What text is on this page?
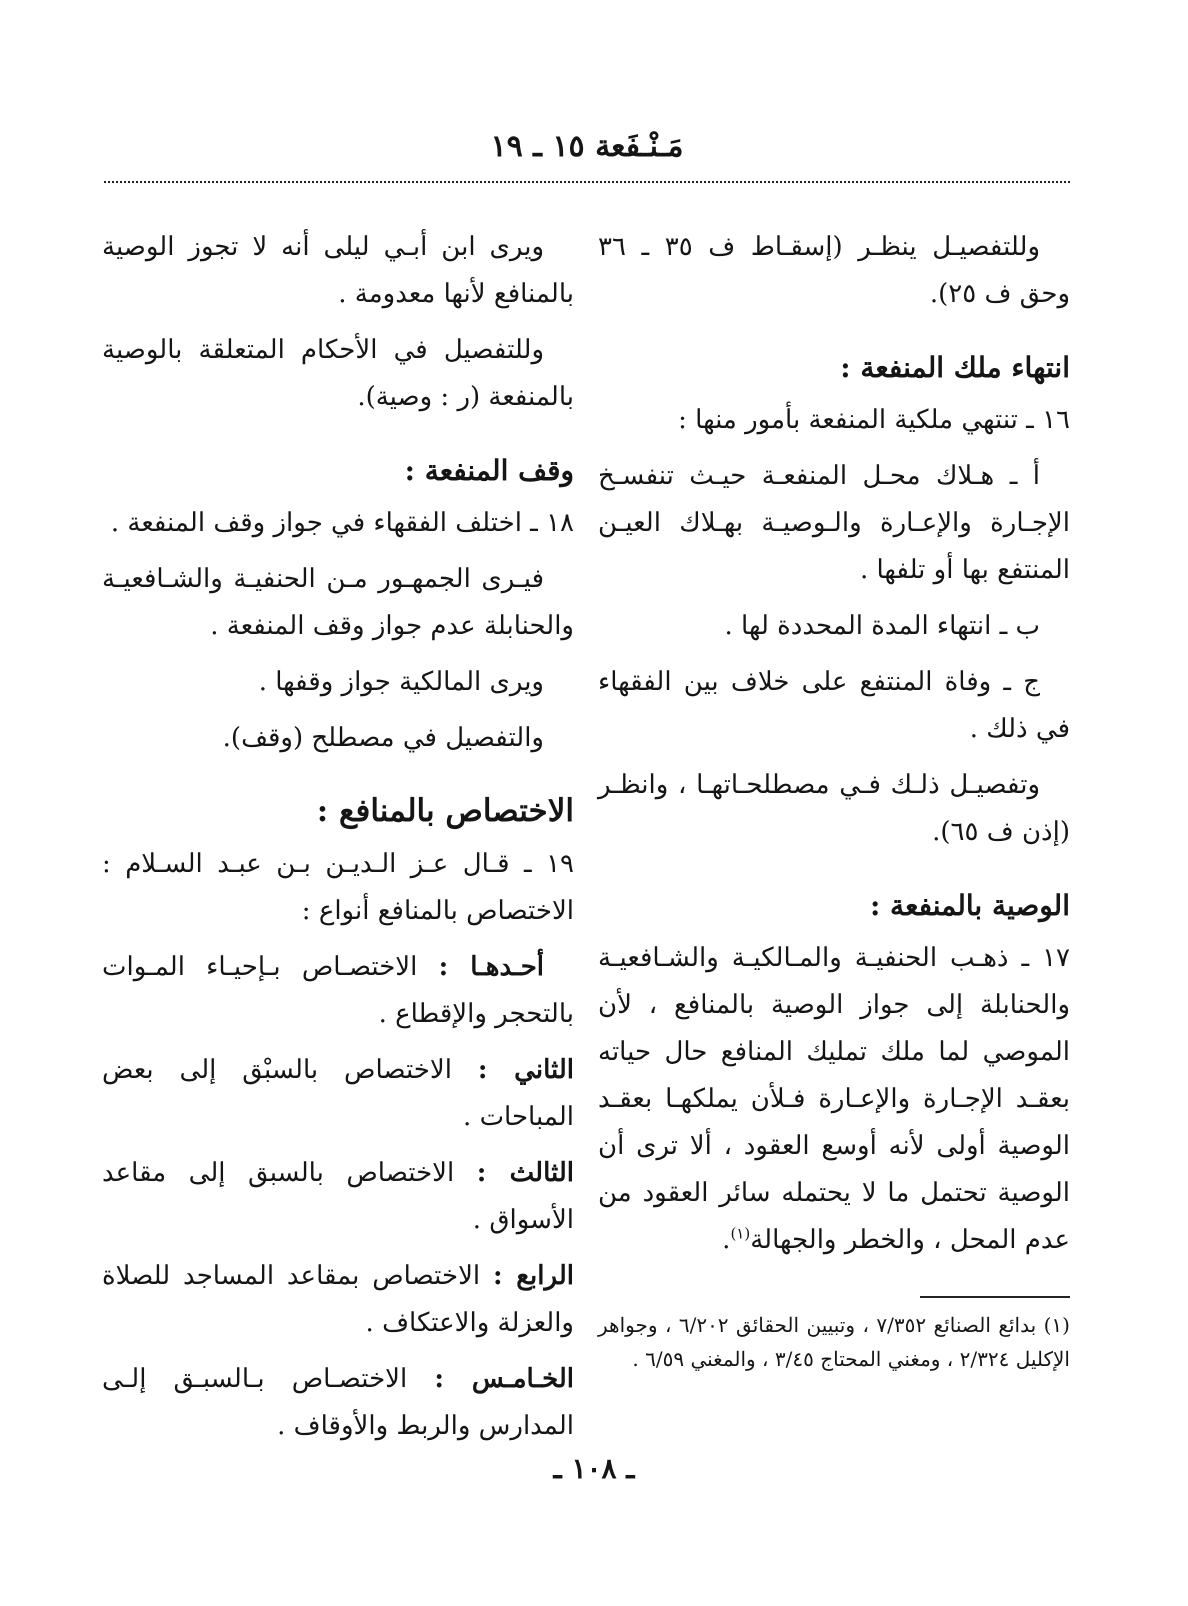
مَـنْـفَعة ١٥ ـ ١٩

وللتفصيـل ينظـر (إسقـاط ف ٣٥ ـ ٣٦ وحق ف ٢٥).

انتهاء ملك المنفعة :

١٦ ـ تنتهي ملكية المنفعة بأمور منها :

أ ـ هـلاك محـل المنفعـة حيـث تنفسـخ الإجـارة والإعـارة والـوصيـة بهـلاك العيـن المنتفع بها أو تلفها .

ب ـ انتهاء المدة المحددة لها .

ج ـ وفاة المنتفع على خلاف بين الفقهاء في ذلك .

وتفصيـل ذلـك فـي مصطلحـاتهـا ، وانظـر (إذن ف ٦٥).

الوصية بالمنفعة :

١٧ ـ ذهـب الحنفيـة والمـالكيـة والشـافعيـة والحنابلة إلى جواز الوصية بالمنافع ، لأن الموصي لما ملك تمليك المنافع حال حياته بعقـد الإجـارة والإعـارة فـلأن يملكهـا بعقـد الوصية أولى لأنه أوسع العقود ، ألا ترى أن الوصية تحتمل ما لا يحتمله سائر العقود من عدم المحل ، والخطر والجهالة$^{(١)}$.

(١) بدائع الصنائع ٧/٣٥٢ ، وتبيين الحقائق ٦/٢٠٢ ، وجواهر الإكليل ٢/٣٢٤ ، ومغني المحتاج ٣/٤٥ ، والمغني ٦/٥٩ .

ويرى ابن أبـي ليلى أنه لا تجوز الوصية بالمنافع لأنها معدومة .

وللتفصيل في الأحكام المتعلقة بالوصية بالمنفعة (ر : وصية).

وقف المنفعة :

١٨ ـ اختلف الفقهاء في جواز وقف المنفعة .

فيـرى الجمهـور مـن الحنفيـة والشـافعيـة والحنابلة عدم جواز وقف المنفعة .

ويرى المالكية جواز وقفها .

والتفصيل في مصطلح (وقف).

الاختصاص بالمنافع :

١٩ ـ قـال عـز الـديـن بـن عبـد السـلام : الاختصاص بالمنافع أنواع :

أحـدهـا : الاختصـاص بـإحيـاء المـوات بالتحجر والإقطاع .

الثاني : الاختصاص بالسبْق إلى بعض المباحات .

الثالث : الاختصاص بالسبق إلى مقاعد الأسواق .

الرابع : الاختصاص بمقاعد المساجد للصلاة والعزلة والاعتكاف .

الخـامـس : الاختصـاص بـالسبـق إلـى المدارس والربط والأوقاف .

ـ ١٠٨ ـ
